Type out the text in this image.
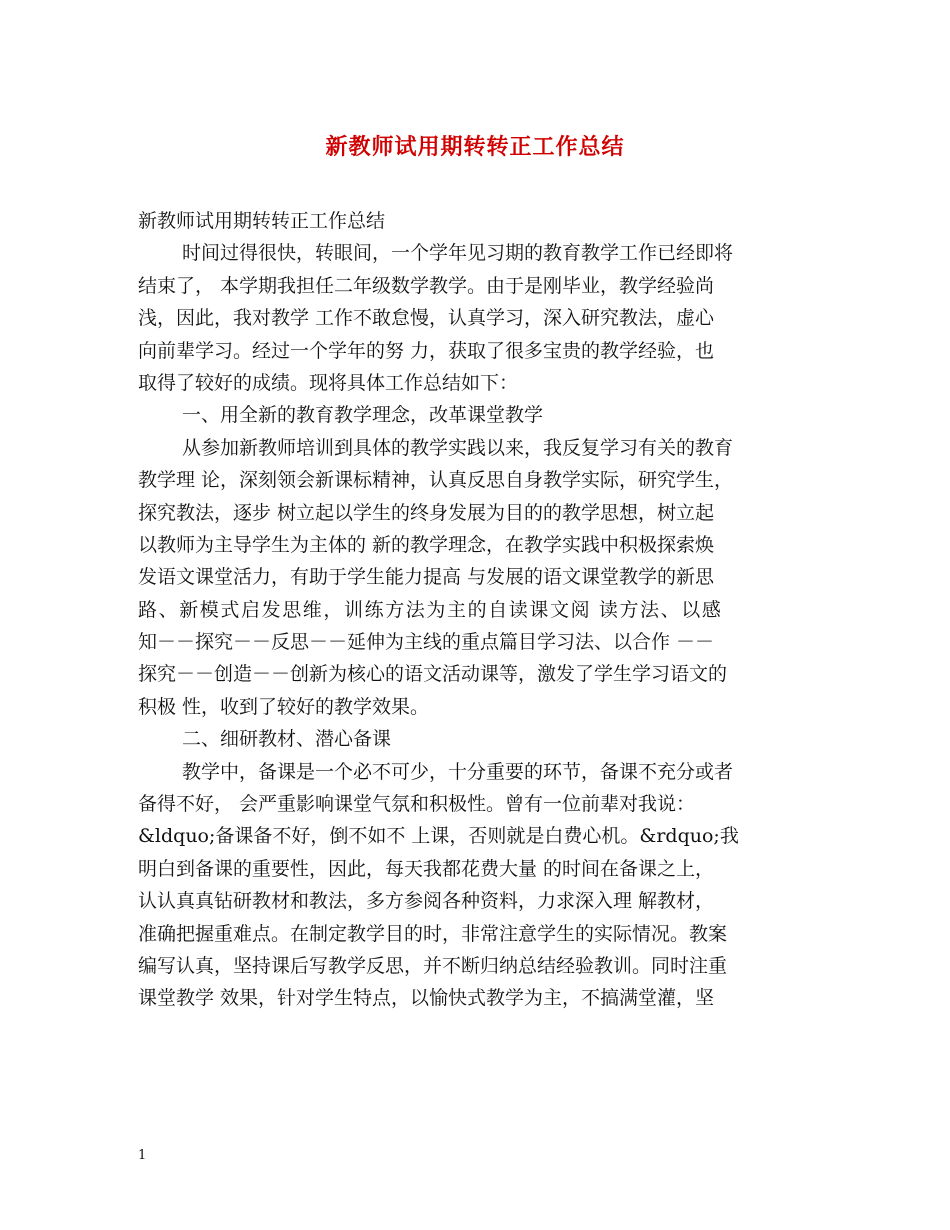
新教师试用期转转正工作总结
新教师试用期转转正工作总结
时间过得很快，转眼间，一个学年见习期的教育教学工作已经即将
结束了， 本学期我担任二年级数学教学。由于是刚毕业，教学经验尚
浅，因此，我对教学 工作不敢怠慢，认真学习，深入研究教法，虚心
向前辈学习。经过一个学年的努 力，获取了很多宝贵的教学经验，也
取得了较好的成绩。现将具体工作总结如下：
一、用全新的教育教学理念，改革课堂教学
从参加新教师培训到具体的教学实践以来，我反复学习有关的教育
教学理 论，深刻领会新课标精神，认真反思自身教学实际，研究学生，
探究教法，逐步 树立起以学生的终身发展为目的的教学思想，树立起
以教师为主导学生为主体的 新的教学理念，在教学实践中积极探索焕
发语文课堂活力，有助于学生能力提高 与发展的语文课堂教学的新思
路、新模式启发思维，训练方法为主的自读课文阅 读方法、以感
知－－探究－－反思－－延伸为主线的重点篇目学习法、以合作 －－
探究－－创造－－创新为核心的语文活动课等，激发了学生学习语文的
积极 性，收到了较好的教学效果。
二、细研教材、潜心备课
教学中，备课是一个必不可少，十分重要的环节，备课不充分或者
备得不好， 会严重影响课堂气氛和积极性。曾有一位前辈对我说：
&ldquo;备课备不好，倒不如不 上课，否则就是白费心机。&rdquo;我
明白到备课的重要性，因此，每天我都花费大量 的时间在备课之上，
认认真真钻研教材和教法，多方参阅各种资料，力求深入理 解教材，
准确把握重难点。在制定教学目的时，非常注意学生的实际情况。教案
编写认真，坚持课后写教学反思，并不断归纳总结经验教训。同时注重
课堂教学 效果，针对学生特点，以愉快式教学为主，不搞满堂灌，坚
1
